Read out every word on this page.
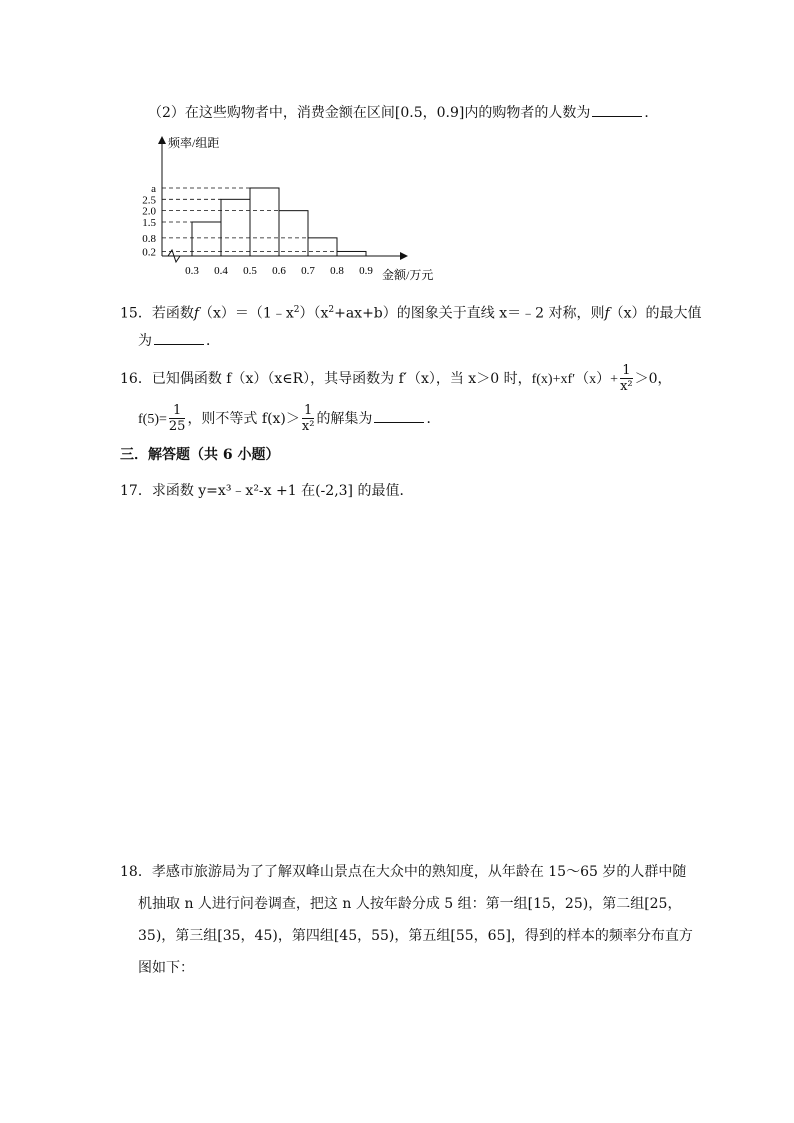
（2）在这些购物者中，消费金额在区间[0.5，0.9]内的购物者的人数为	．
1.5
2.5
a
2.0
0.8
0.2
0.3 0.4 0.5 0.6 0.7 0.8 0.9
频率/组距
金额/万元
15．若函数$f(x)=(1﹣x^2)(x^2+ax+b)$的图象关于直线 x＝﹣2 对称，则f（x）的最大值
为	．
16．已知偶函数 f（x）（x∈R），其导函数为 f′（x），当 x＞0 时，$f(x)+xf'(x)+ \frac{1}{\text{x²}} >0$，
$f(5)= \frac{1}{25}$ ，则不等式 $f(x)> \frac{1}{\text{x²}}$ 的解集为	．
三．解答题（共 6 小题）
17．求函数 y=x³﹣x²-x +1 在(-2,3] 的最值．
18．孝感市旅游局为了了解双峰山景点在大众中的熟知度，从年龄在 15～65 岁的人群中随
机抽取 n 人进行问卷调查，把这 n 人按年龄分成 5 组：第一组[15，25)，第二组[25，
35)，第三组[35，45)，第四组[45，55)，第五组[55，65]，得到的样本的频率分布直方
图如下：
